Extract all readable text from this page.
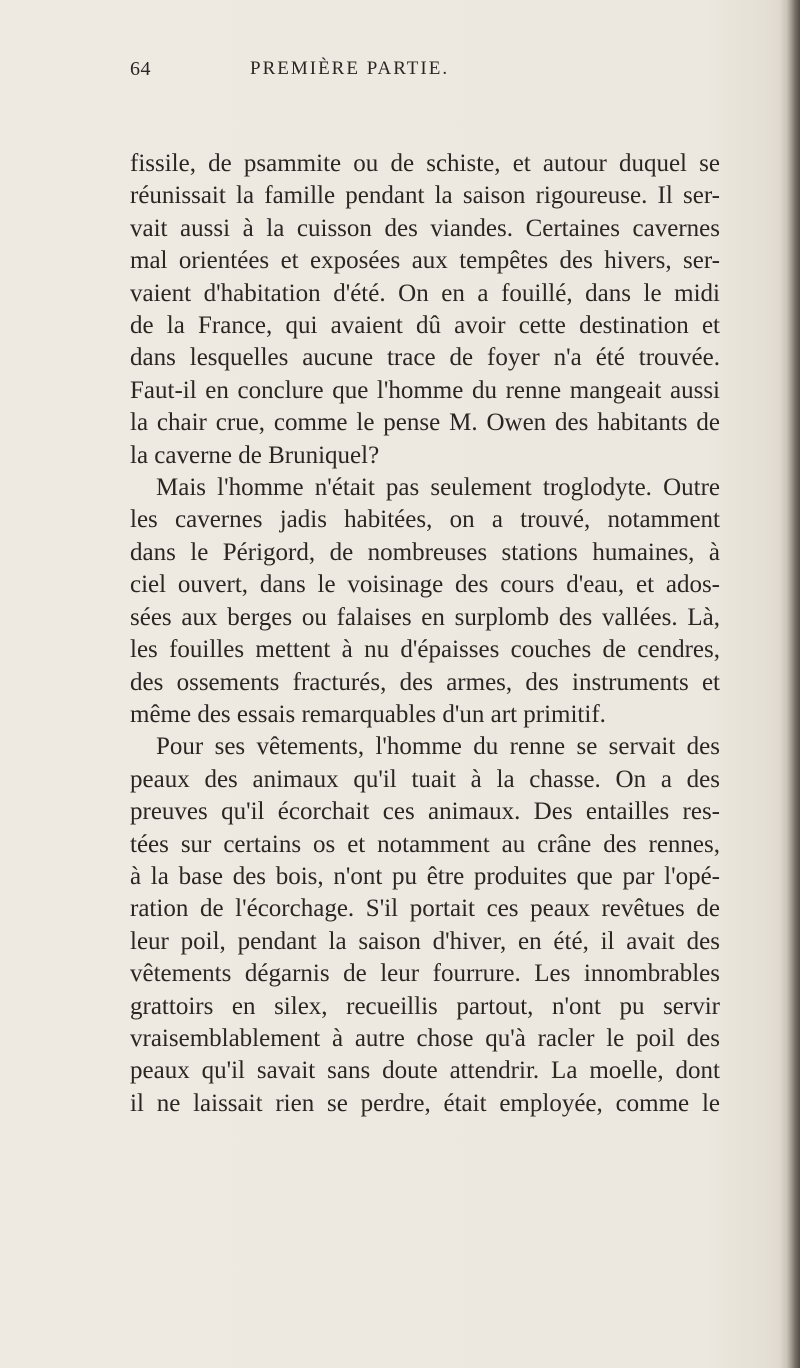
64	PREMIÈRE PARTIE.
fissile, de psammite ou de schiste, et autour duquel se
réunissait la famille pendant la saison rigoureuse. Il ser-
vait aussi à la cuisson des viandes. Certaines cavernes
mal orientées et exposées aux tempêtes des hivers, ser-
vaient d'habitation d'été. On en a fouillé, dans le midi
de la France, qui avaient dû avoir cette destination et
dans lesquelles aucune trace de foyer n'a été trouvée.
Faut-il en conclure que l'homme du renne mangeait aussi
la chair crue, comme le pense M. Owen des habitants de
la caverne de Bruniquel?
Mais l'homme n'était pas seulement troglodyte. Outre
les cavernes jadis habitées, on a trouvé, notamment
dans le Périgord, de nombreuses stations humaines, à
ciel ouvert, dans le voisinage des cours d'eau, et ados-
sées aux berges ou falaises en surplomb des vallées. Là,
les fouilles mettent à nu d'épaisses couches de cendres,
des ossements fracturés, des armes, des instruments et
même des essais remarquables d'un art primitif.
Pour ses vêtements, l'homme du renne se servait des
peaux des animaux qu'il tuait à la chasse. On a des
preuves qu'il écorchait ces animaux. Des entailles res-
tées sur certains os et notamment au crâne des rennes,
à la base des bois, n'ont pu être produites que par l'opé-
ration de l'écorchage. S'il portait ces peaux revêtues de
leur poil, pendant la saison d'hiver, en été, il avait des
vêtements dégarnis de leur fourrure. Les innombrables
grattoirs en silex, recueillis partout, n'ont pu servir
vraisemblablement à autre chose qu'à racler le poil des
peaux qu'il savait sans doute attendrir. La moelle, dont
il ne laissait rien se perdre, était employée, comme le
